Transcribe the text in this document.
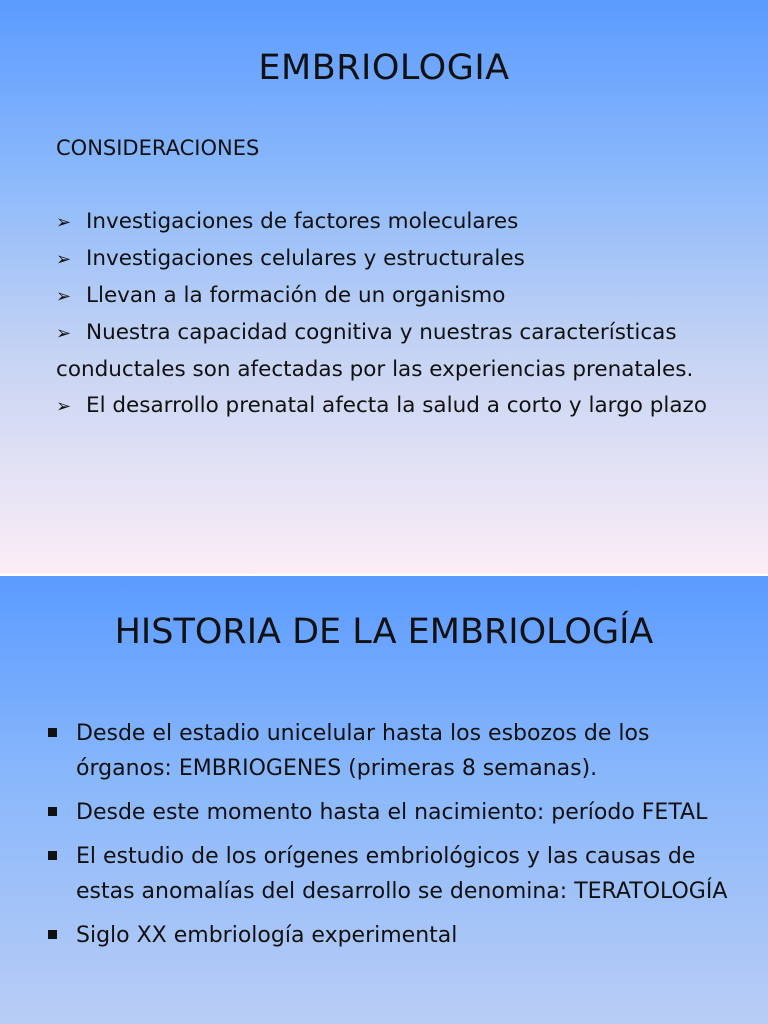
EMBRIOLOGIA

CONSIDERACIONES

➢ Investigaciones de factores moleculares
➢ Investigaciones celulares y estructurales
➢ Llevan a la formación de un organismo
➢ Nuestra capacidad cognitiva y nuestras características conductales son afectadas por las experiencias prenatales.
➢ El desarrollo prenatal afecta la salud a corto y largo plazo
HISTORIA DE LA EMBRIOLOGÍA
Desde el estadio unicelular hasta los esbozos de los órganos: EMBRIOGENES (primeras 8 semanas).
Desde este momento hasta el nacimiento: período FETAL
El estudio de los orígenes embriológicos y las causas de estas anomalías del desarrollo se denomina: TERATOLOGÍA
Siglo XX embriología experimental
